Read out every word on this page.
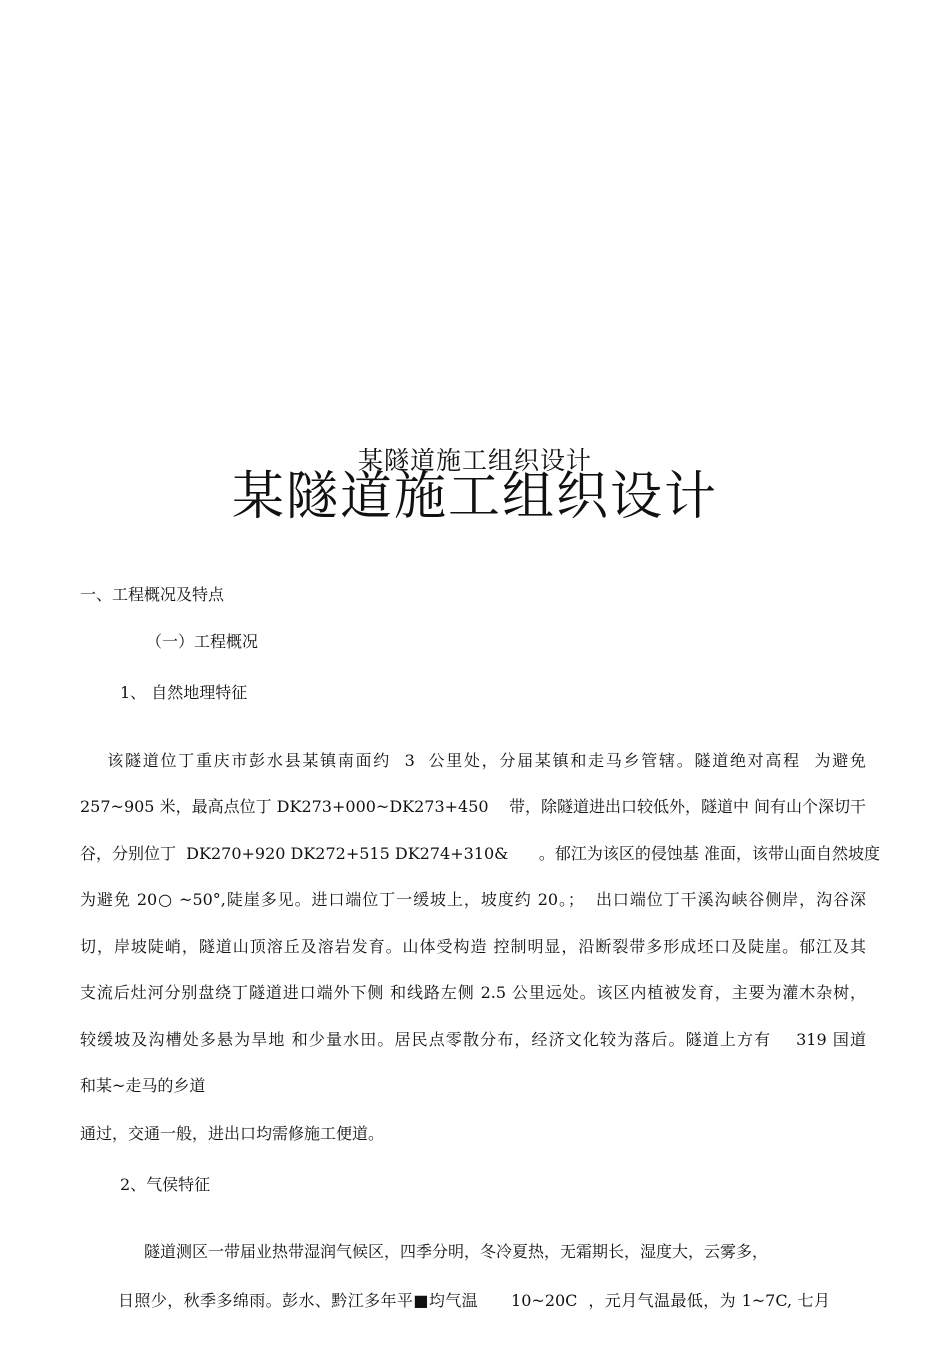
某隧道施工组织设计
某隧道施工组织设计
一、工程概况及特点
（一）工程概况
1、 自然地理特征
该隧道位丁重庆市彭水县某镇南面约  3  公里处，分届某镇和走马乡管辖。隧道绝对高程  为避免
257~905 米，最高点位丁 DK273+000~DK273+450    带，除隧道进出口较低外，隧道中 间有山个深切干
谷，分别位丁  DK270+920 DK272+515 DK274+310&      。郁江为该区的侵蚀基 准面，该带山面自然坡度
为避免 20○ ~50°,陡崖多见。进口端位丁一缓坡上，坡度约 20。；  出口端位丁干溪沟峡谷侧岸，沟谷深
切，岸坡陡峭，隧道山顶溶丘及溶岩发育。山体受构造 控制明显，沿断裂带多形成坯口及陡崖。郁江及其
支流后灶河分别盘绕丁隧道进口端外下侧 和线路左侧 2.5 公里远处。该区内植被发育，主要为灌木杂树，
较缓坡及沟槽处多悬为旱地 和少量水田。居民点零散分布，经济文化较为落后。隧道上方有    319 国道
和某~走马的乡道
通过，交通一般，进出口均需修施工便道。
2、气侯特征
隧道测区一带届业热带湿润气候区，四季分明，冬冷夏热，无霜期长，湿度大，云雾多，
日照少，秋季多绵雨。彭水、黔江多年平■均气温      10~20C  ，元月气温最低，为 1~7C, 七月
